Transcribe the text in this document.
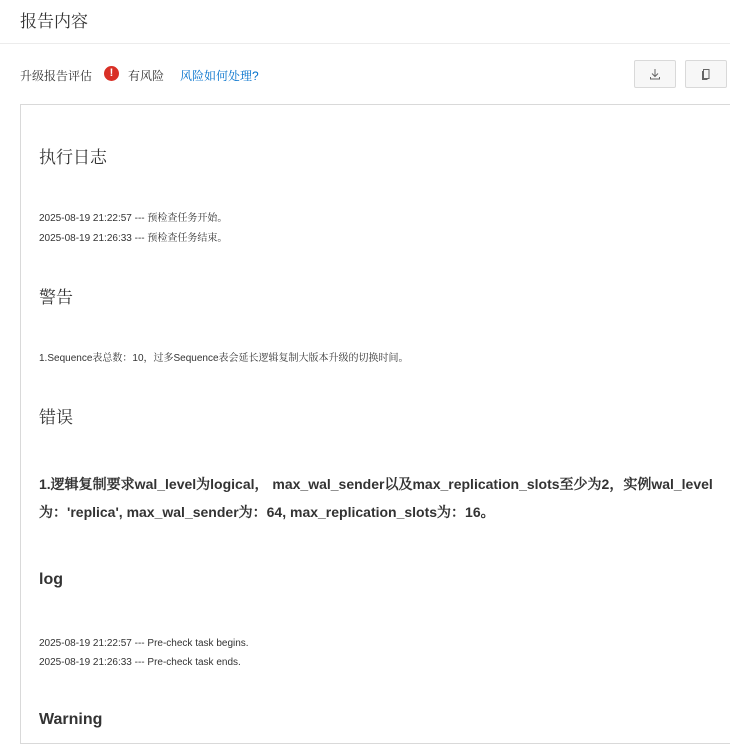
报告内容
升级报告评估	!	有风险 风险如何处理?
执行日志
2025-08-19 21:22:57 --- 预检查任务开始。
2025-08-19 21:26:33 --- 预检查任务结束。
警告
1.Sequence表总数：10，过多Sequence表会延长逻辑复制大版本升级的切换时间。
错误
1.逻辑复制要求wal_level为logical， max_wal_sender以及max_replication_slots至少为2，实例wal_level为：'replica', max_wal_sender为：64, max_replication_slots为：16。
log
2025-08-19 21:22:57 --- Pre-check task begins.
2025-08-19 21:26:33 --- Pre-check task ends.
Warning
